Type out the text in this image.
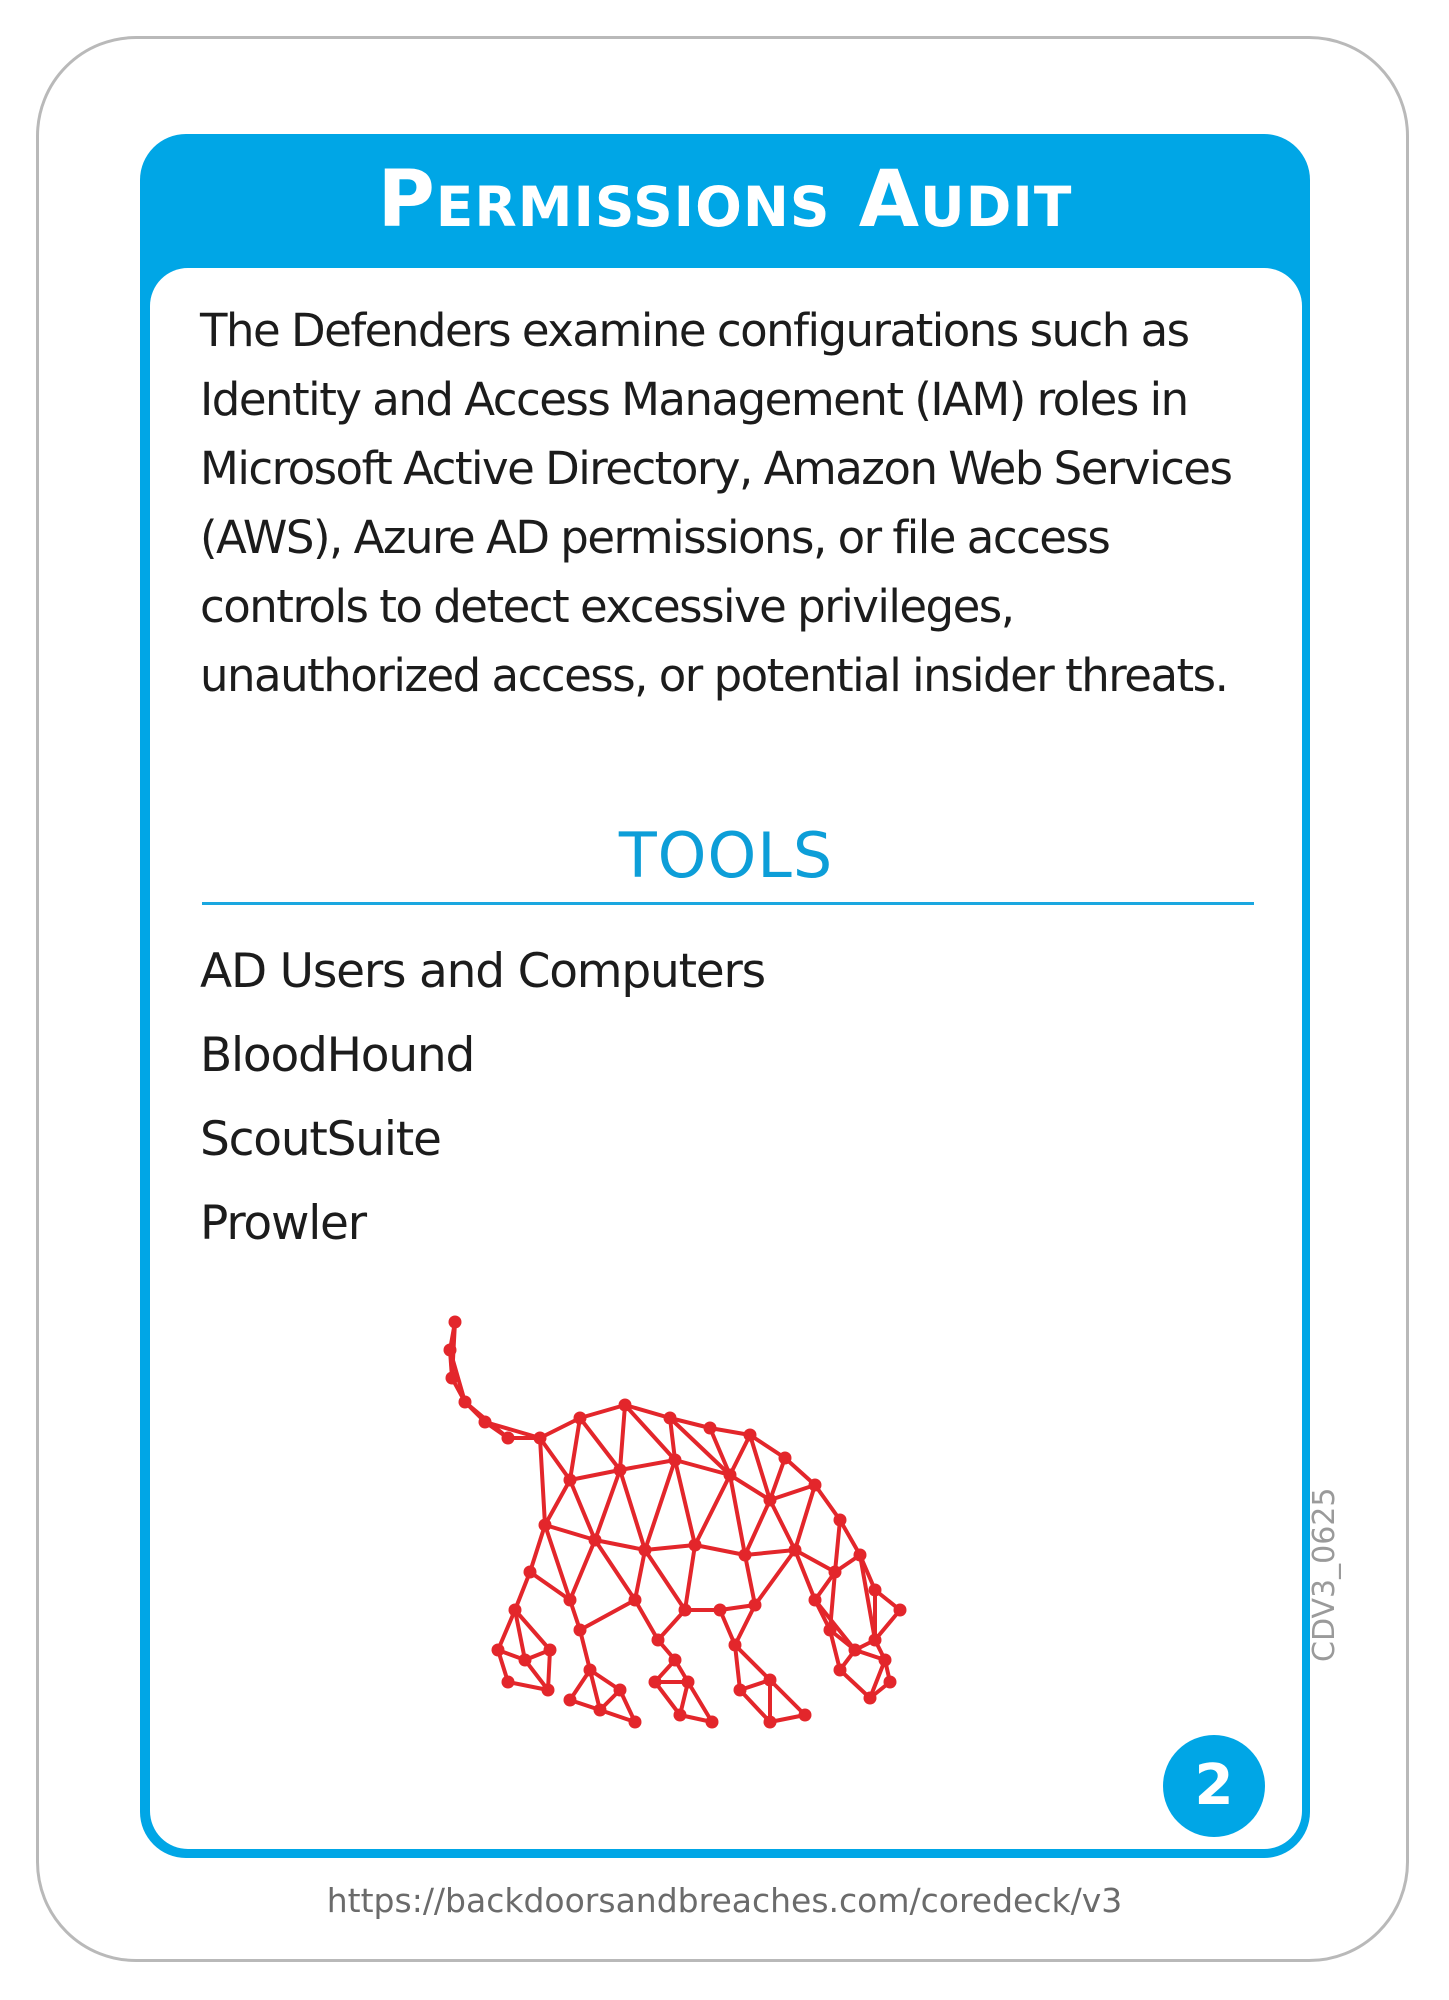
Permissions Audit

The Defenders examine configurations such as Identity and Access Management (IAM) roles in Microsoft Active Directory, Amazon Web Services (AWS), Azure AD permissions, or file access controls to detect excessive privileges, unauthorized access, or potential insider threats.

TOOLS
AD Users and Computers
BloodHound
ScoutSuite
Prowler
2
CDV3_0625
https://backdoorsandbreaches.com/coredeck/v3
